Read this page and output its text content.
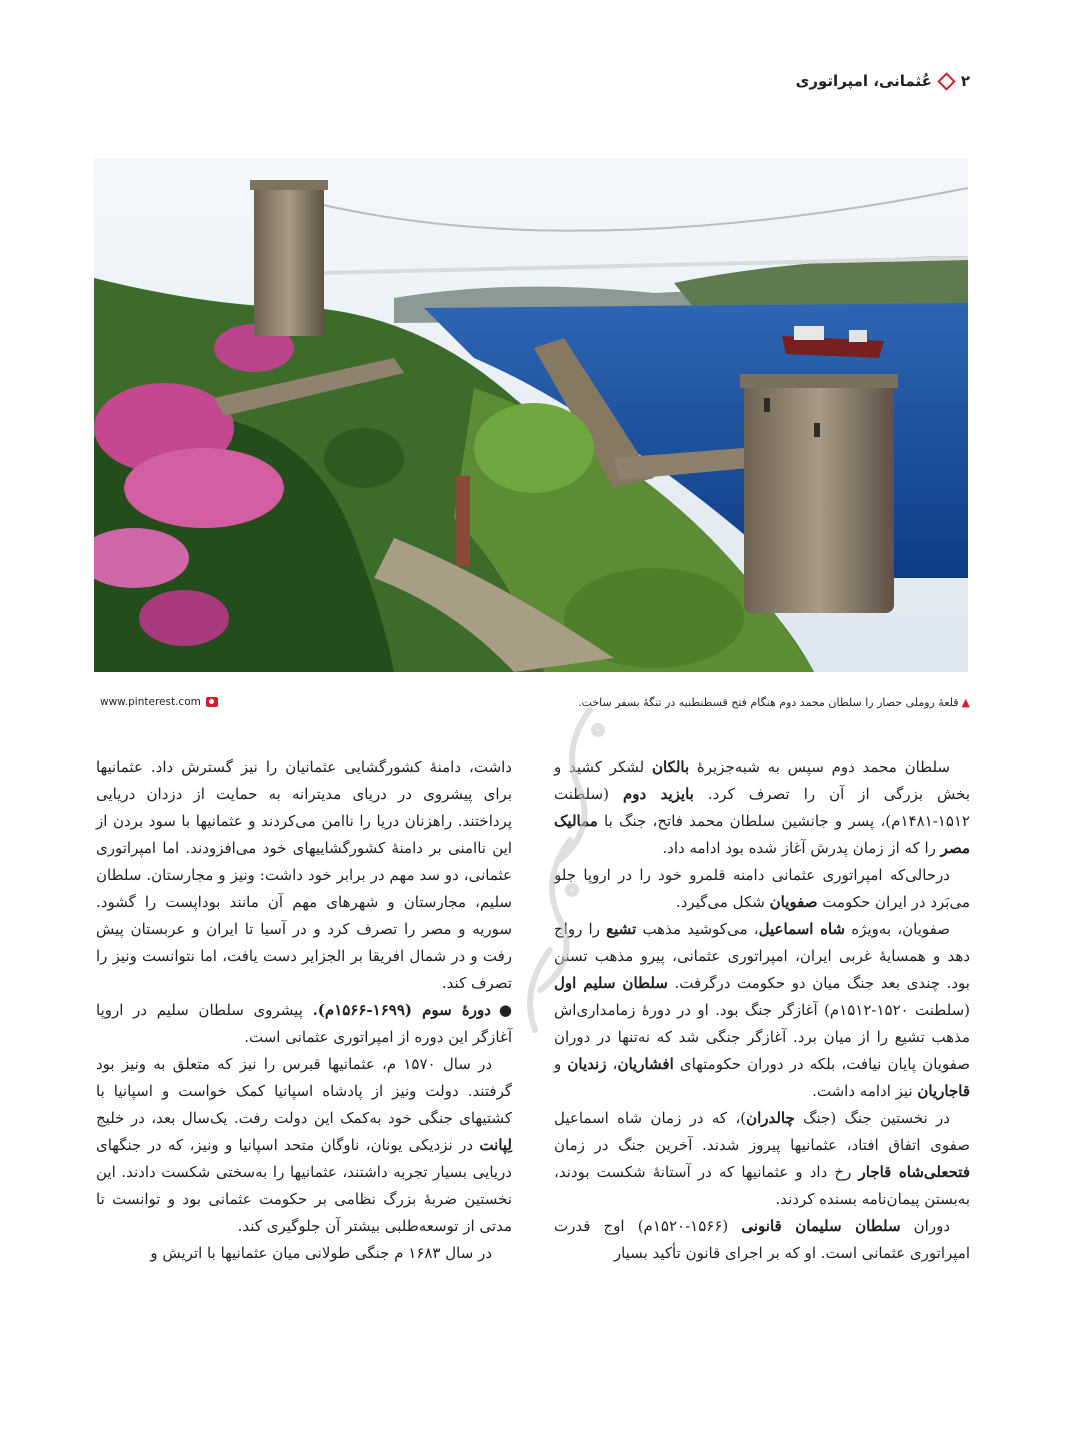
۲
عُثمانی، امپراتوری
▲قلعهٔ روملی حصار را سلطان محمد دوم هنگام فتح قسطنطنیه در تنگهٔ بسفر ساخت.
www.pinterest.com

سلطان محمد دوم سپس به شبه‌جزیرهٔ بالکان لشکر کشید و بخش بزرگی از آن را تصرف کرد. بایزید دوم (سلطنت ۱۵۱۲-۱۴۸۱م)، پسر و جانشین سلطان محمد فاتح، جنگ با ممالیک مصر را که از زمان پدرش آغاز شده بود ادامه داد.

درحالی‌که امپراتوری عثمانی دامنه قلمرو خود را در اروپا جلو می‌بَرد در ایران حکومت صفویان شکل می‌گیرد.

صفویان، به‌ویژه شاه اسماعیل، می‌کوشید مذهب تشیع را رواج دهد و همسایهٔ غربی ایران، امپراتوری عثمانی، پیرو مذهب تسنن بود. چندی بعد جنگ میان دو حکومت درگرفت. سلطان سلیم اول (سلطنت ۱۵۲۰-۱۵۱۲م) آغازگر جنگ بود. او در دورهٔ زمامداری‌اش مذهب تشیع را از میان برد. آغازگر جنگی شد که نه‌تنها در دوران صفویان پایان نیافت، بلکه در دوران حکومتهای افشاریان، زندیان و قاجاریان نیز ادامه داشت.

در نخستین جنگ (جنگ چالدران)، که در زمان شاه اسماعیل صفوی اتفاق افتاد، عثمانیها پیروز شدند. آخرین جنگ در زمان فتحعلی‌شاه قاجار رخ داد و عثمانیها که در آستانهٔ شکست بودند، به‌بستن پیمان‌نامه بسنده کردند.

دوران سلطان سلیمان قانونی (۱۵۶۶-۱۵۲۰م) اوج قدرت امپراتوری عثمانی است. او که بر اجرای قانون تأکید بسیار

داشت، دامنهٔ کشورگشایی عثمانیان را نیز گسترش داد. عثمانیها برای پیشروی در دریای مدیترانه به حمایت از دزدان دریایی پرداختند. راهزنان دریا را ناامن می‌کردند و عثمانیها با سود بردن از این ناامنی بر دامنهٔ کشورگشاییهای خود می‌افزودند. اما امپراتوری عثمانی، دو سد مهم در برابر خود داشت: ونیز و مجارستان. سلطان سلیم، مجارستان و شهرهای مهم آن مانند بوداپست را گشود. سوریه و مصر را تصرف کرد و در آسیا تا ایران و عربستان پیش رفت و در شمال افریقا بر الجزایر دست یافت، اما نتوانست ونیز را تصرف کند.

●دورهٔ سوم (۱۶۹۹-۱۵۶۶م). پیشروی سلطان سلیم در اروپا آغازگر این دوره از امپراتوری عثمانی است.

در سال ۱۵۷۰ م، عثمانیها قبرس را نیز که متعلق به ونیز بود گرفتند. دولت ونیز از پادشاه اسپانیا کمک خواست و اسپانیا با کشتیهای جنگی خود به‌کمک این دولت رفت. یک‌سال بعد، در خلیج لِپانت در نزدیکی یونان، ناوگان متحد اسپانیا و ونیز، که در جنگهای دریایی بسیار تجربه داشتند، عثمانیها را به‌سختی شکست دادند. این نخستین ضربهٔ بزرگ نظامی بر حکومت عثمانی بود و توانست تا مدتی از توسعه‌طلبی بیشتر آن جلوگیری کند.

در سال ۱۶۸۳ م جنگی طولانی میان عثمانیها با اتریش و
